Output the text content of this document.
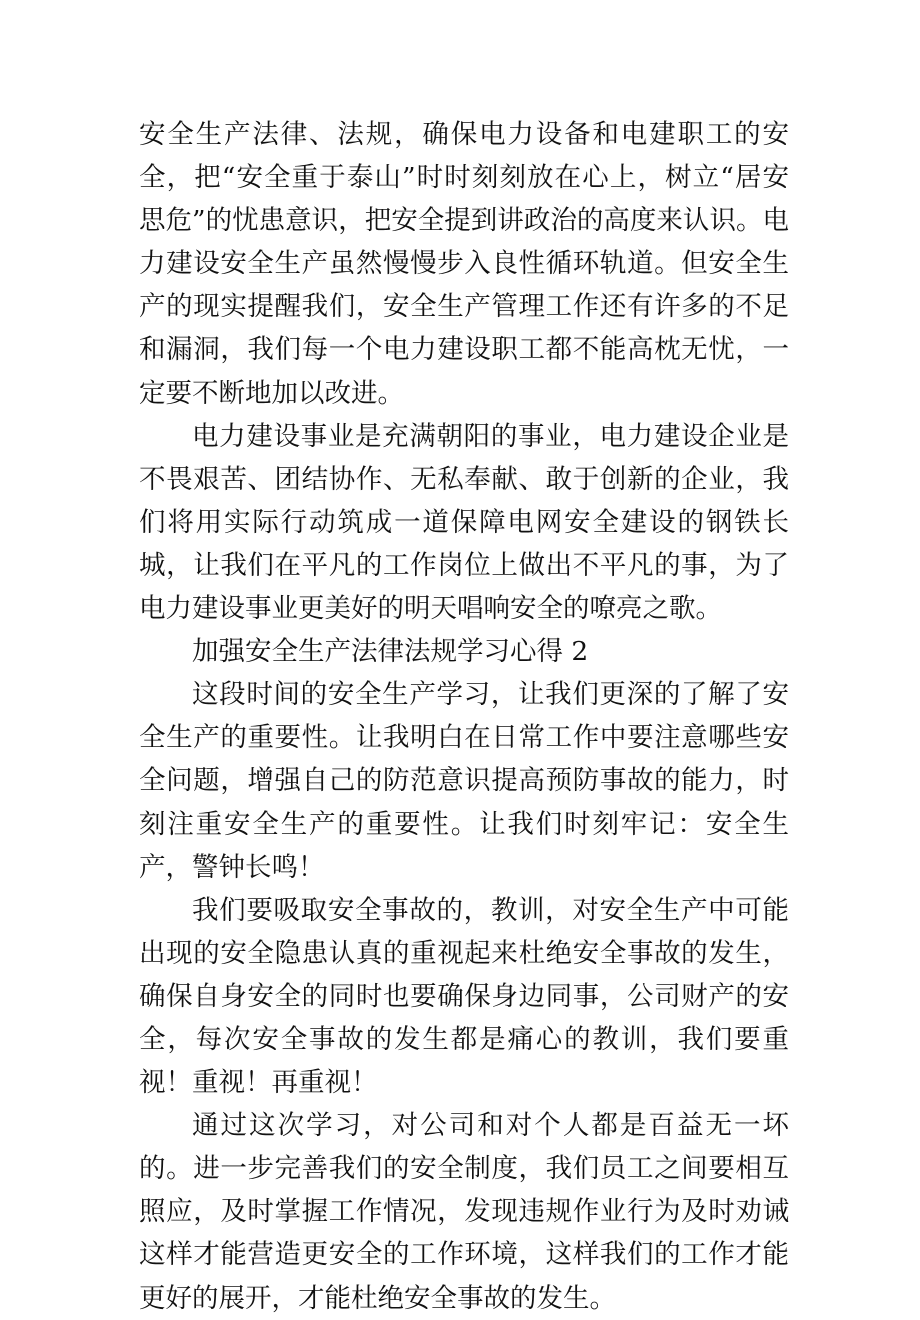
安全生产法律、法规，确保电力设备和电建职工的安全，把“安全重于泰山”时时刻刻放在心上，树立“居安思危”的忧患意识，把安全提到讲政治的高度来认识。电力建设安全生产虽然慢慢步入良性循环轨道。但安全生产的现实提醒我们，安全生产管理工作还有许多的不足和漏洞，我们每一个电力建设职工都不能高枕无忧，一定要不断地加以改进。

电力建设事业是充满朝阳的事业，电力建设企业是不畏艰苦、团结协作、无私奉献、敢于创新的企业，我们将用实际行动筑成一道保障电网安全建设的钢铁长城，让我们在平凡的工作岗位上做出不平凡的事，为了电力建设事业更美好的明天唱响安全的嘹亮之歌。

加强安全生产法律法规学习心得 2

这段时间的安全生产学习，让我们更深的了解了安全生产的重要性。让我明白在日常工作中要注意哪些安全问题，增强自己的防范意识提高预防事故的能力，时刻注重安全生产的重要性。让我们时刻牢记：安全生产，警钟长鸣！

我们要吸取安全事故的，教训，对安全生产中可能出现的安全隐患认真的重视起来杜绝安全事故的发生，确保自身安全的同时也要确保身边同事，公司财产的安全，每次安全事故的发生都是痛心的教训，我们要重视！重视！再重视！

通过这次学习，对公司和对个人都是百益无一坏的。进一步完善我们的安全制度，我们员工之间要相互照应，及时掌握工作情况，发现违规作业行为及时劝诫这样才能营造更安全的工作环境，这样我们的工作才能更好的展开，才能杜绝安全事故的发生。
